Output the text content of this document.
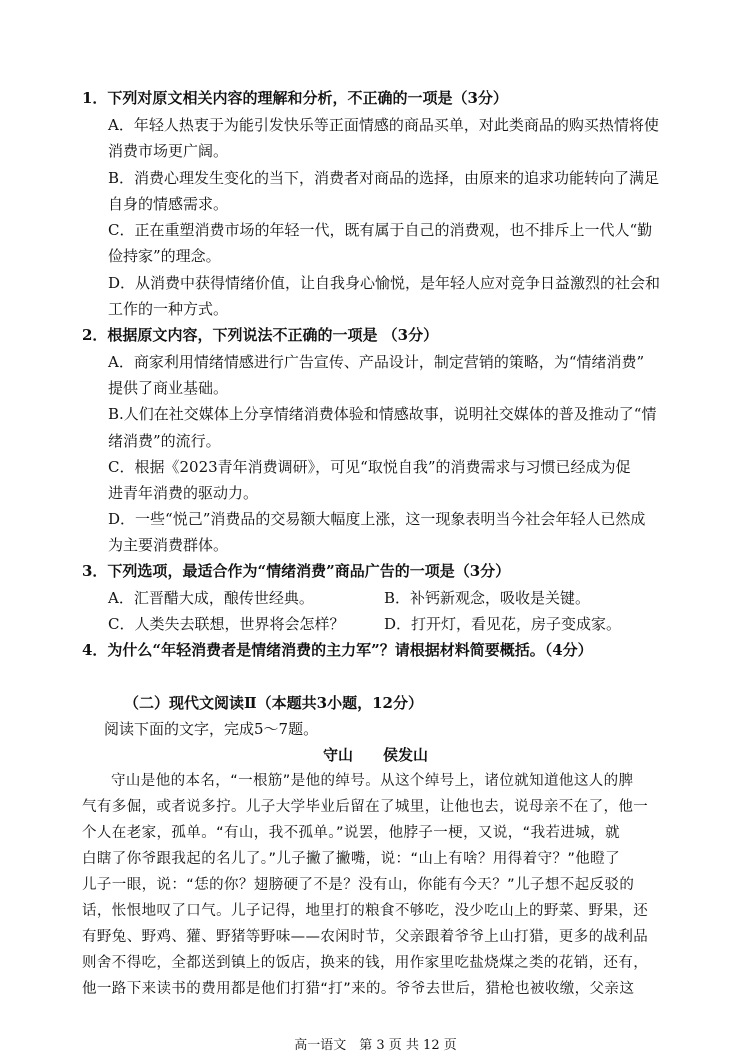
1．下列对原文相关内容的理解和分析，不正确的一项是（3分）
A．年轻人热衷于为能引发快乐等正面情感的商品买单，对此类商品的购买热情将使
消费市场更广阔。
B．消费心理发生变化的当下，消费者对商品的选择，由原来的追求功能转向了满足
自身的情感需求。
C．正在重塑消费市场的年轻一代，既有属于自己的消费观，也不排斥上一代人“勤
俭持家”的理念。
D．从消费中获得情绪价值，让自我身心愉悦，是年轻人应对竞争日益激烈的社会和
工作的一种方式。
2．根据原文内容，下列说法不正确的一项是 （3分）
A．商家利用情绪情感进行广告宣传、产品设计，制定营销的策略，为“情绪消费”
提供了商业基础。
B.人们在社交媒体上分享情绪消费体验和情感故事，说明社交媒体的普及推动了“情
绪消费”的流行。
C．根据《2023青年消费调研》，可见“取悦自我”的消费需求与习惯已经成为促
进青年消费的驱动力。
D．一些“悦己”消费品的交易额大幅度上涨，这一现象表明当今社会年轻人已然成
为主要消费群体。
3．下列选项，最适合作为“情绪消费”商品广告的一项是（3分）
A．汇晋醋大成，酿传世经典。	B．补钙新观念，吸收是关键。
C．人类失去联想，世界将会怎样？	D．打开灯，看见花，房子变成家。
4．为什么“年轻消费者是情绪消费的主力军”？请根据材料简要概括。（4分）
（二）现代文阅读Ⅱ（本题共3小题，12分）
阅读下面的文字，完成5～7题。
守山　　侯发山
守山是他的本名，“一根筋”是他的绰号。从这个绰号上，诸位就知道他这人的脾
气有多倔，或者说多拧。儿子大学毕业后留在了城里，让他也去，说母亲不在了，他一
个人在老家，孤单。“有山，我不孤单。”说罢，他脖子一梗，又说，“我若进城，就
白瞎了你爷跟我起的名儿了。”儿子撇了撇嘴，说：“山上有啥？用得着守？”他瞪了
儿子一眼，说：“恁的你？翅膀硬了不是？没有山，你能有今天？”儿子想不起反驳的
话，怅恨地叹了口气。儿子记得，地里打的粮食不够吃，没少吃山上的野菜、野果，还
有野兔、野鸡、獾、野猪等野味——农闲时节，父亲跟着爷爷上山打猎，更多的战利品
则舍不得吃，全都送到镇上的饭店，换来的钱，用作家里吃盐烧煤之类的花销，还有，
他一路下来读书的费用都是他们打猎“打”来的。爷爷去世后，猎枪也被收缴，父亲这
高一语文　第 3 页 共 12 页
